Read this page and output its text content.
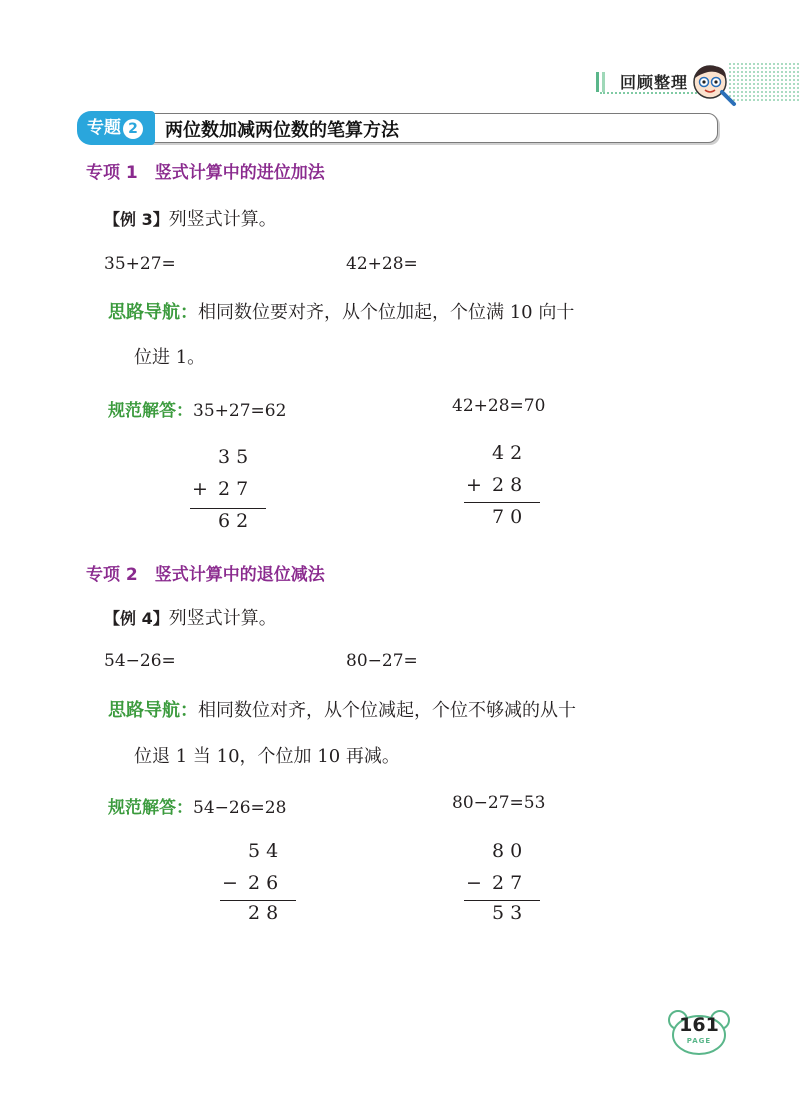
回顾整理
专题 2	两位数加减两位数的笔算方法
专项 1　竖式计算中的进位加法
【例 3】列竖式计算。
35+27=	42+28=
思路导航：相同数位要对齐，从个位加起，个位满 10 向十
位进 1。
规范解答：35+27=62	42+28=70
3 5
+ 2 7
6 2
4 2
+ 2 8
7 0
专项 2　竖式计算中的退位减法
【例 4】列竖式计算。
54−26=	80−27=
思路导航：相同数位对齐，从个位减起，个位不够减的从十
位退 1 当 10，个位加 10 再减。
规范解答：54−26=28	80−27=53
5 4
− 2 6
2 8
8 0
− 2 7
5 3
161
PAGE
